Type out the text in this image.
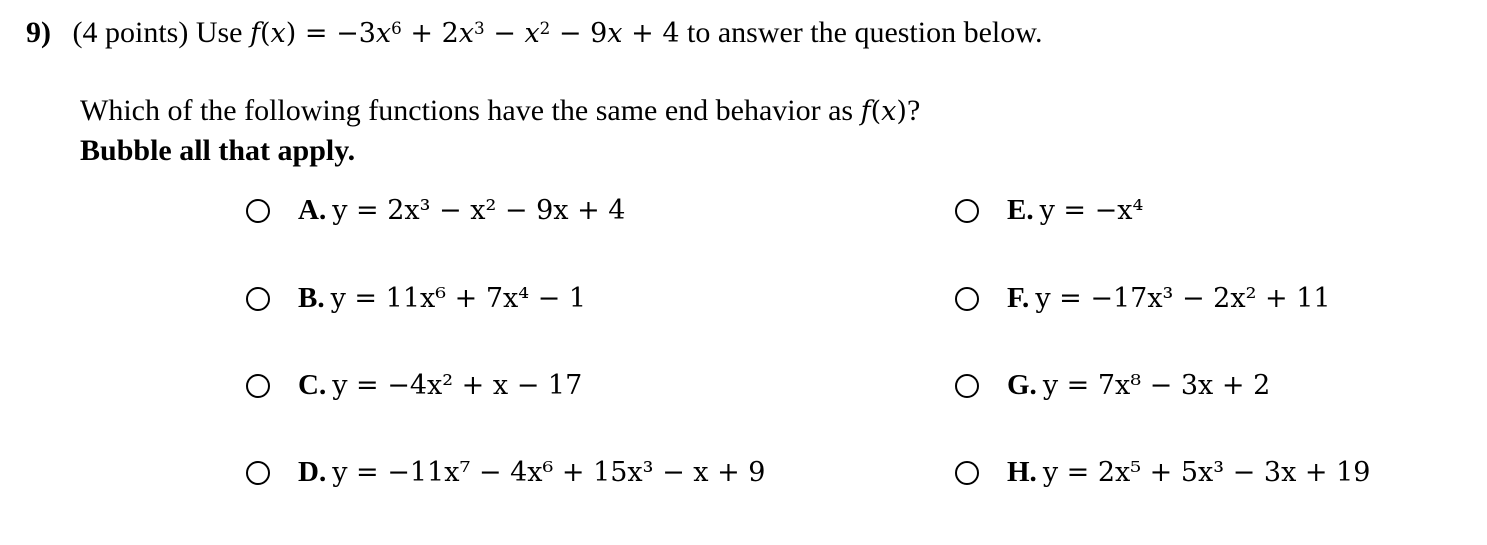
9) (4 points) Use $f(x) = -3x^6 + 2x^3 - x^2 - 9x + 4$ to answer the question below.
Which of the following functions have the same end behavior as f(x)?
Bubble all that apply.
A. y = 2x³ − x² − 9x + 4
B. y = 11x⁶ + 7x⁴ − 1
C. y = −4x² + x − 17
D. y = −11x⁷ − 4x⁶ + 15x³ − x + 9
E. y = −x⁴
F. y = −17x³ − 2x² + 11
G. y = 7x⁸ − 3x + 2
H. y = 2x⁵ + 5x³ − 3x + 19
